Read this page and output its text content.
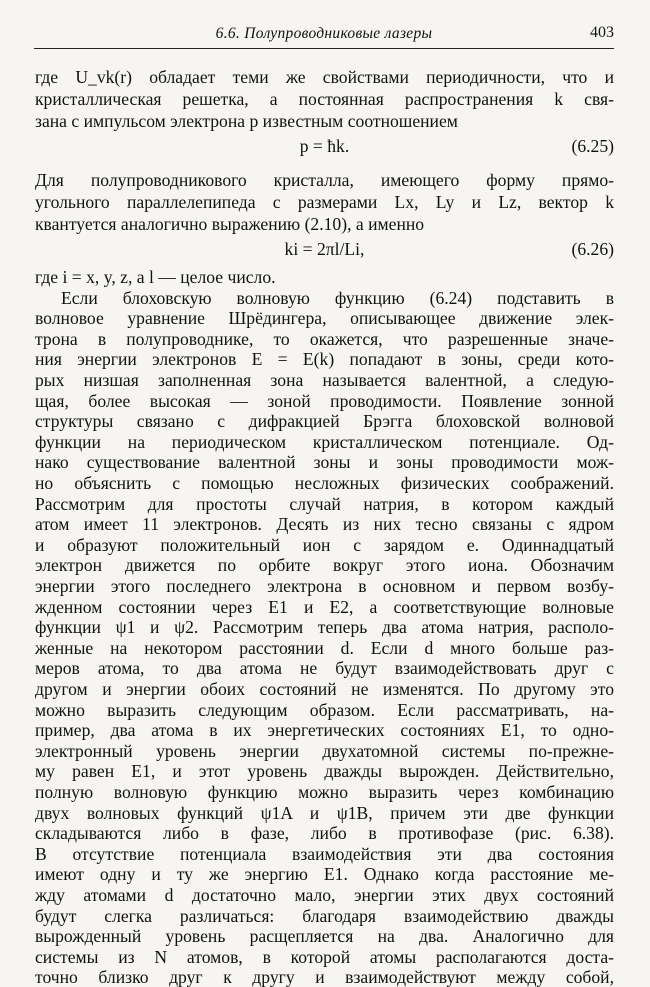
6.6. Полупроводниковые лазеры	403
где U_vk(r) обладает теми же свойствами периодичности, что и
кристаллическая решетка, а постоянная распространения k свя-
зана с импульсом электрона p известным соотношением
p = ħk.	(6.25)
Для полупроводникового кристалла, имеющего форму прямо-
угольного параллелепипеда с размерами Lx, Ly и Lz, вектор k
квантуется аналогично выражению (2.10), а именно
ki = 2πl/Li,	(6.26)
где i = x, y, z, а l — целое число.
Если блоховскую волновую функцию (6.24) подставить в
волновое уравнение Шрёдингера, описывающее движение элек-
трона в полупроводнике, то окажется, что разрешенные значе-
ния энергии электронов E = E(k) попадают в зоны, среди кото-
рых низшая заполненная зона называется валентной, а следую-
щая, более высокая — зоной проводимости. Появление зонной
структуры связано с дифракцией Брэгга блоховской волновой
функции на периодическом кристаллическом потенциале. Од-
нако существование валентной зоны и зоны проводимости мож-
но объяснить с помощью несложных физических соображений.
Рассмотрим для простоты случай натрия, в котором каждый
атом имеет 11 электронов. Десять из них тесно связаны с ядром
и образуют положительный ион с зарядом e. Одиннадцатый
электрон движется по орбите вокруг этого иона. Обозначим
энергии этого последнего электрона в основном и первом возбу-
жденном состоянии через E1 и E2, а соответствующие волновые
функции ψ1 и ψ2. Рассмотрим теперь два атома натрия, располо-
женные на некотором расстоянии d. Если d много больше раз-
меров атома, то два атома не будут взаимодействовать друг с
другом и энергии обоих состояний не изменятся. По другому это
можно выразить следующим образом. Если рассматривать, на-
пример, два атома в их энергетических состояниях E1, то одно-
электронный уровень энергии двухатомной системы по-прежне-
му равен E1, и этот уровень дважды вырожден. Действительно,
полную волновую функцию можно выразить через комбинацию
двух волновых функций ψ1A и ψ1B, причем эти две функции
складываются либо в фазе, либо в противофазе (рис. 6.38).
В отсутствие потенциала взаимодействия эти два состояния
имеют одну и ту же энергию E1. Однако когда расстояние ме-
жду атомами d достаточно мало, энергии этих двух состояний
будут слегка различаться: благодаря взаимодействию дважды
вырожденный уровень расщепляется на два. Аналогично для
системы из N атомов, в которой атомы располагаются доста-
точно близко друг к другу и взаимодействуют между собой,
